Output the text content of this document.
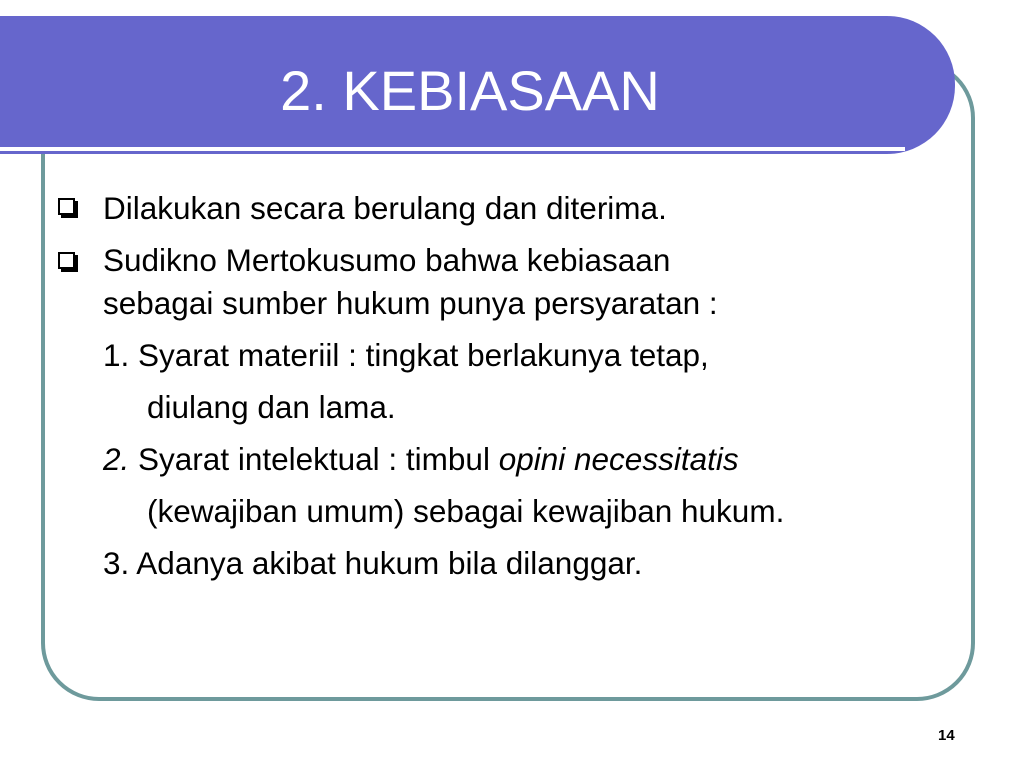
2. KEBIASAAN
Dilakukan secara berulang dan diterima.
Sudikno Mertokusumo bahwa kebiasaan
sebagai sumber hukum punya persyaratan :
1. Syarat materiil : tingkat berlakunya tetap,
diulang dan lama.
2. Syarat intelektual : timbul opini necessitatis
(kewajiban umum) sebagai kewajiban hukum.
3. Adanya akibat hukum bila dilanggar.
14
